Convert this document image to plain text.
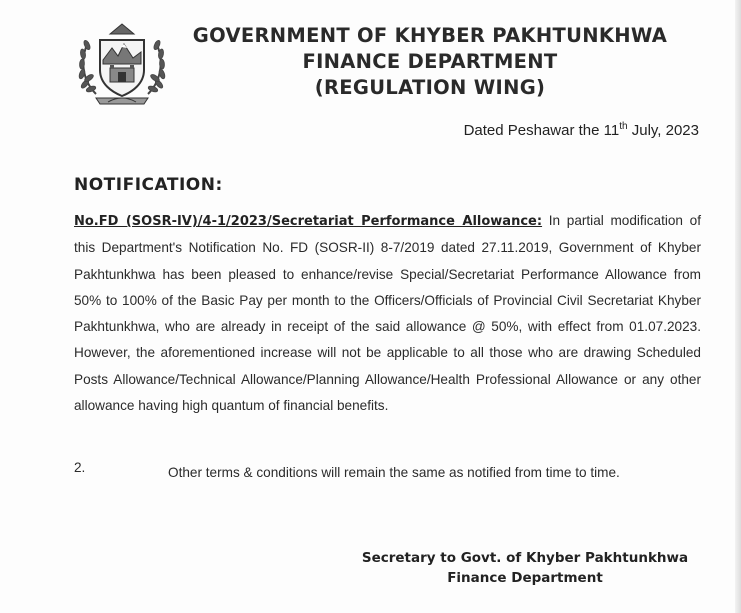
GOVERNMENT OF KHYBER PAKHTUNKHWA
FINANCE DEPARTMENT
(REGULATION WING)
Dated Peshawar the 11th July, 2023
NOTIFICATION:
No.FD (SOSR-IV)/4-1/2023/Secretariat Performance Allowance: In partial modification of this Department's Notification No. FD (SOSR-II) 8-7/2019 dated 27.11.2019, Government of Khyber Pakhtunkhwa has been pleased to enhance/revise Special/Secretariat Performance Allowance from 50% to 100% of the Basic Pay per month to the Officers/Officials of Provincial Civil Secretariat Khyber Pakhtunkhwa, who are already in receipt of the said allowance @ 50%, with effect from 01.07.2023. However, the aforementioned increase will not be applicable to all those who are drawing Scheduled Posts Allowance/Technical Allowance/Planning Allowance/Health Professional Allowance or any other allowance having high quantum of financial benefits.
2.	Other terms & conditions will remain the same as notified from time to time.
Secretary to Govt. of Khyber Pakhtunkhwa
Finance Department
